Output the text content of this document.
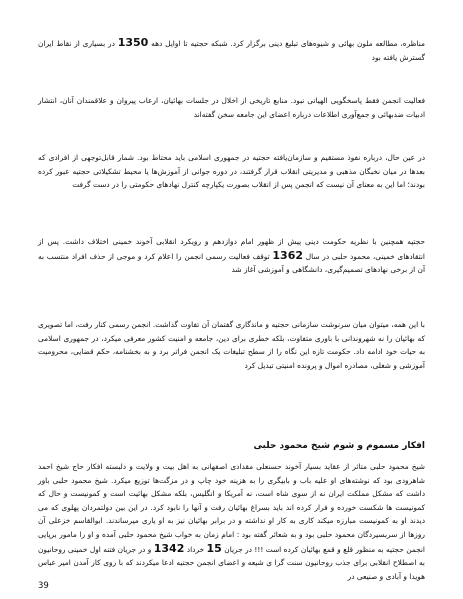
مناظره، مطالعه ملون بهائی و شیوه‌های تبلیغ دینی برگزار کرد. شبکه حجتیه تا اوایل دهه 1350 در بسیاری از نقاط ایران گسترش یافته بود

فعالیت انجمن فقط پاسخگویی الهیاتی نبود. منابع تاریخی از اخلال در جلسات بهائیان، ارعاب پیروان و علاقمندان آنان، انتشار ادبیات ضدبهائی و جمع‌آوری اطلاعات درباره اعضای این جامعه سخن گفته‌اند

در عین حال، درباره نفوذ مستقیم و سازمان‌یافته حجتیه در جمهوری اسلامی باید محتاط بود. شمار قابل‌توجهی از افرادی که بعدها در میان نخبگان مذهبی و مدیریتی انقلاب قرار گرفتند، در دوره جوانی از آموزش‌ها یا محیط تشکیلاتی حجتیه عبور کرده بودند؛ اما این به معنای آن نیست که انجمن پس از انقلاب بصورت یکپارچه کنترل نهادهای حکومتی را در دست گرفت

حجتیه همچنین با نظریه حکومت دینی پیش از ظهور امام دوازدهم و رویکرد انقلابی آخوند خمینی اختلاف داشت. پس از انتقادهای خمینی، محمود حلبی در سال 1362 توقف فعالیت رسمی انجمن را اعلام کرد و موجی از حذف افراد منتسب به آن از برخی نهادهای تصمیم‌گیری، دانشگاهی و آموزشی آغاز شد

با این همه، میتوان میان سرنوشت سازمانی حجتیه و ماندگاری گفتمان آن تفاوت گذاشت. انجمن رسمی کنار رفت، اما تصویری که بهائیان را نه شهروندانی با باوری متفاوت، بلکه خطری برای دین، جامعه و امنیت کشور معرفی میکرد، در جمهوری اسلامی به حیات خود ادامه داد. حکومت تازه این نگاه را از سطح تبلیغات یک انجمن فراتر برد و به بخشنامه، حکم قضایی، محرومیت آموزشی و شغلی، مصادره اموال و پرونده امنیتی تبدیل کرد

افکار مسموم و شوم شیخ محمود حلبی

شیخ محمود حلبی متاثر از عقاید بسیار آخوند حسنعلی مقدادی اصفهانی به اهل بیت و ولایت و دلبسته افکار حاج شیخ احمد شاهرودی بود که نوشته‌های او علیه باب و بابیگری را به هزینه خود چاپ و در مزگت‌ها توزیع میکرد. شیخ محمود حلبی باور داشت که مشکل مملکت ایران نه از سوی شاه است، نه آمریکا و انگلیس، بلکه مشکل بهائیت است و کمونیست و حال که کمونیست ها شکست خورده و فرار کرده اند باید بسراغ بهائیان رفت و آنها را نابود کرد. در این بین دولتمردان پهلوی که می دیدند او به کمونیست مبارزه میکند کاری به کار او نداشته و در برابر بهائیان نیز به او یاری میرساندند. ابوالقاسم خزعلی آن روزها از سربسیردگان محمود حلبی بود و به شعائر گفته بود : امام زمان به خواب شیخ محمود حلبی آمده و او را مامور برپایی انجمن حجتیه به منظور قلع و قمع بهائیان کرده است !!! در جریان 15 خرداد 1342 و در جریان فتنه اول خمینی روحانیون به اصطلاح انقلابی برای جذب روحانیون سنت گرا ی شیعه و اعضای انجمن حجتیه ادعا میکردند که با روی کار آمدن امیر عباس هویدا و آبادی و صنیعی در

39
